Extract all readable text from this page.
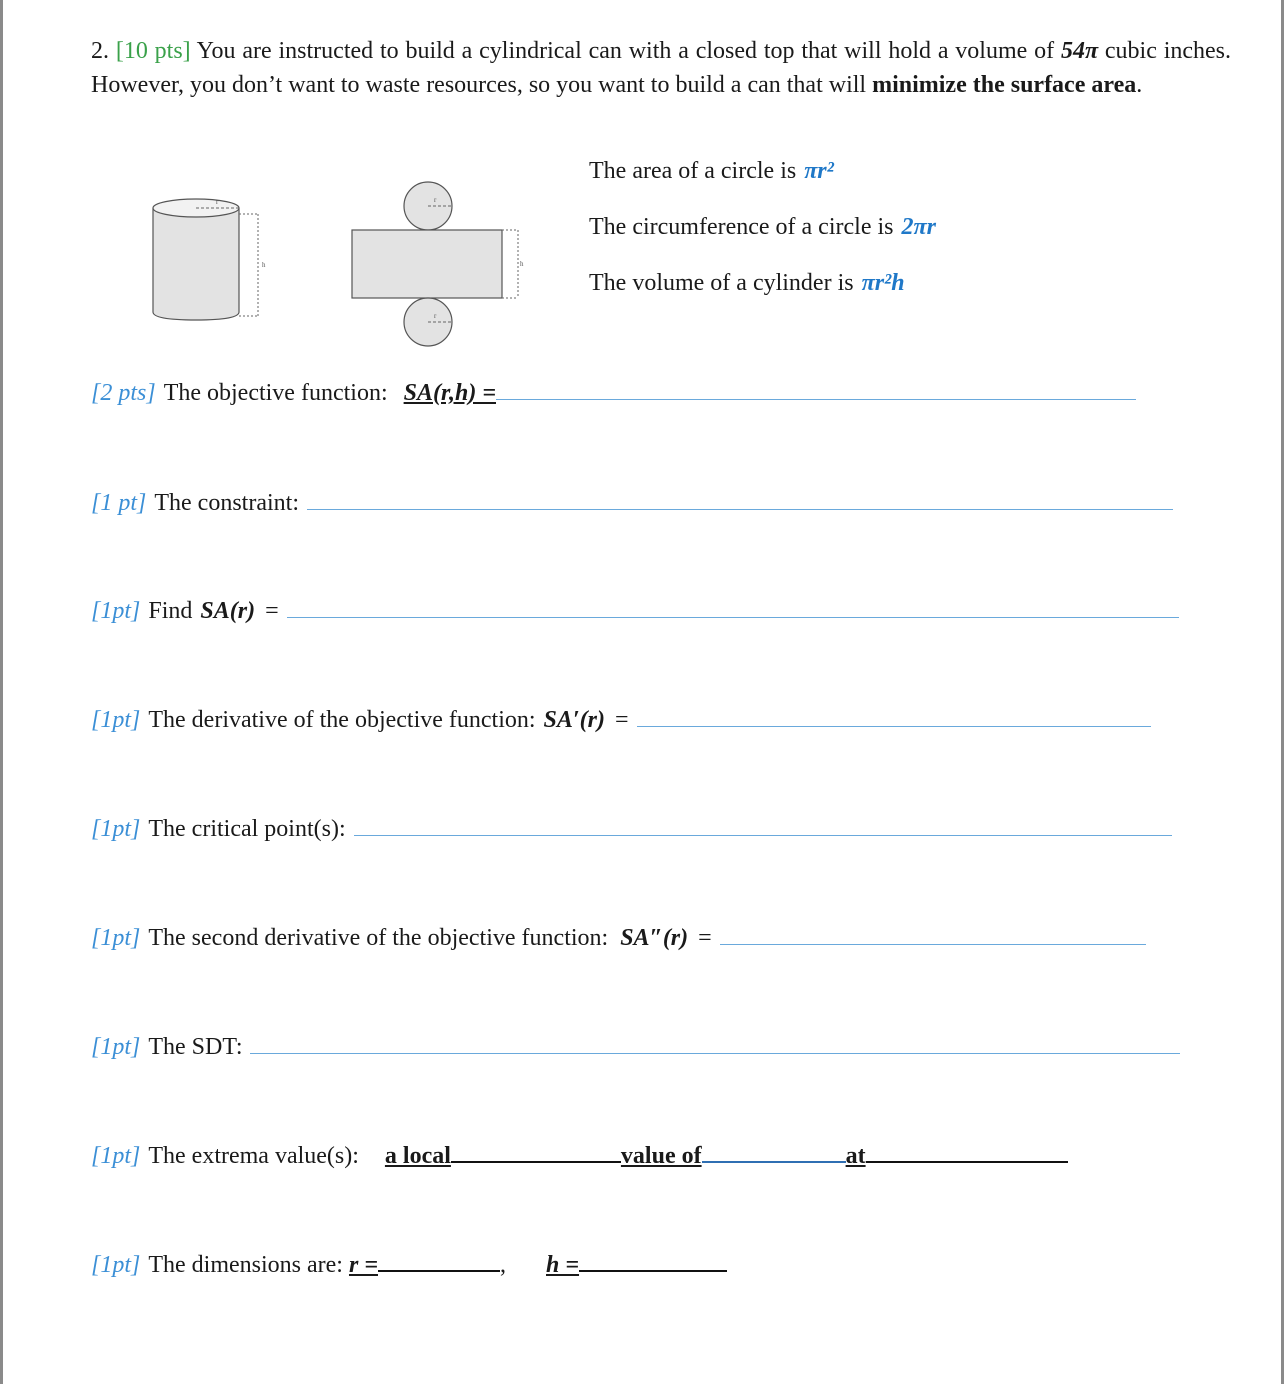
2. [10 pts] You are instructed to build a cylindrical can with a closed top that will hold a volume of 54π cubic inches. However, you don’t want to waste resources, so you want to build a can that will minimize the surface area.
r
h
r
h
r
The area of a circle is πr²
The circumference of a circle is 2πr
The volume of a cylinder is πr²h
[2 pts] The objective function: SA(r,h) =
[1 pt] The constraint:
[1pt] Find SA(r) =
[1pt] The derivative of the objective function: SA′(r) =
[1pt] The critical point(s):
[1pt] The second derivative of the objective function: SA″(r) =
[1pt] The SDT:
[1pt] The extrema value(s): a local	value of	at
[1pt] The dimensions are: r =	, h =
